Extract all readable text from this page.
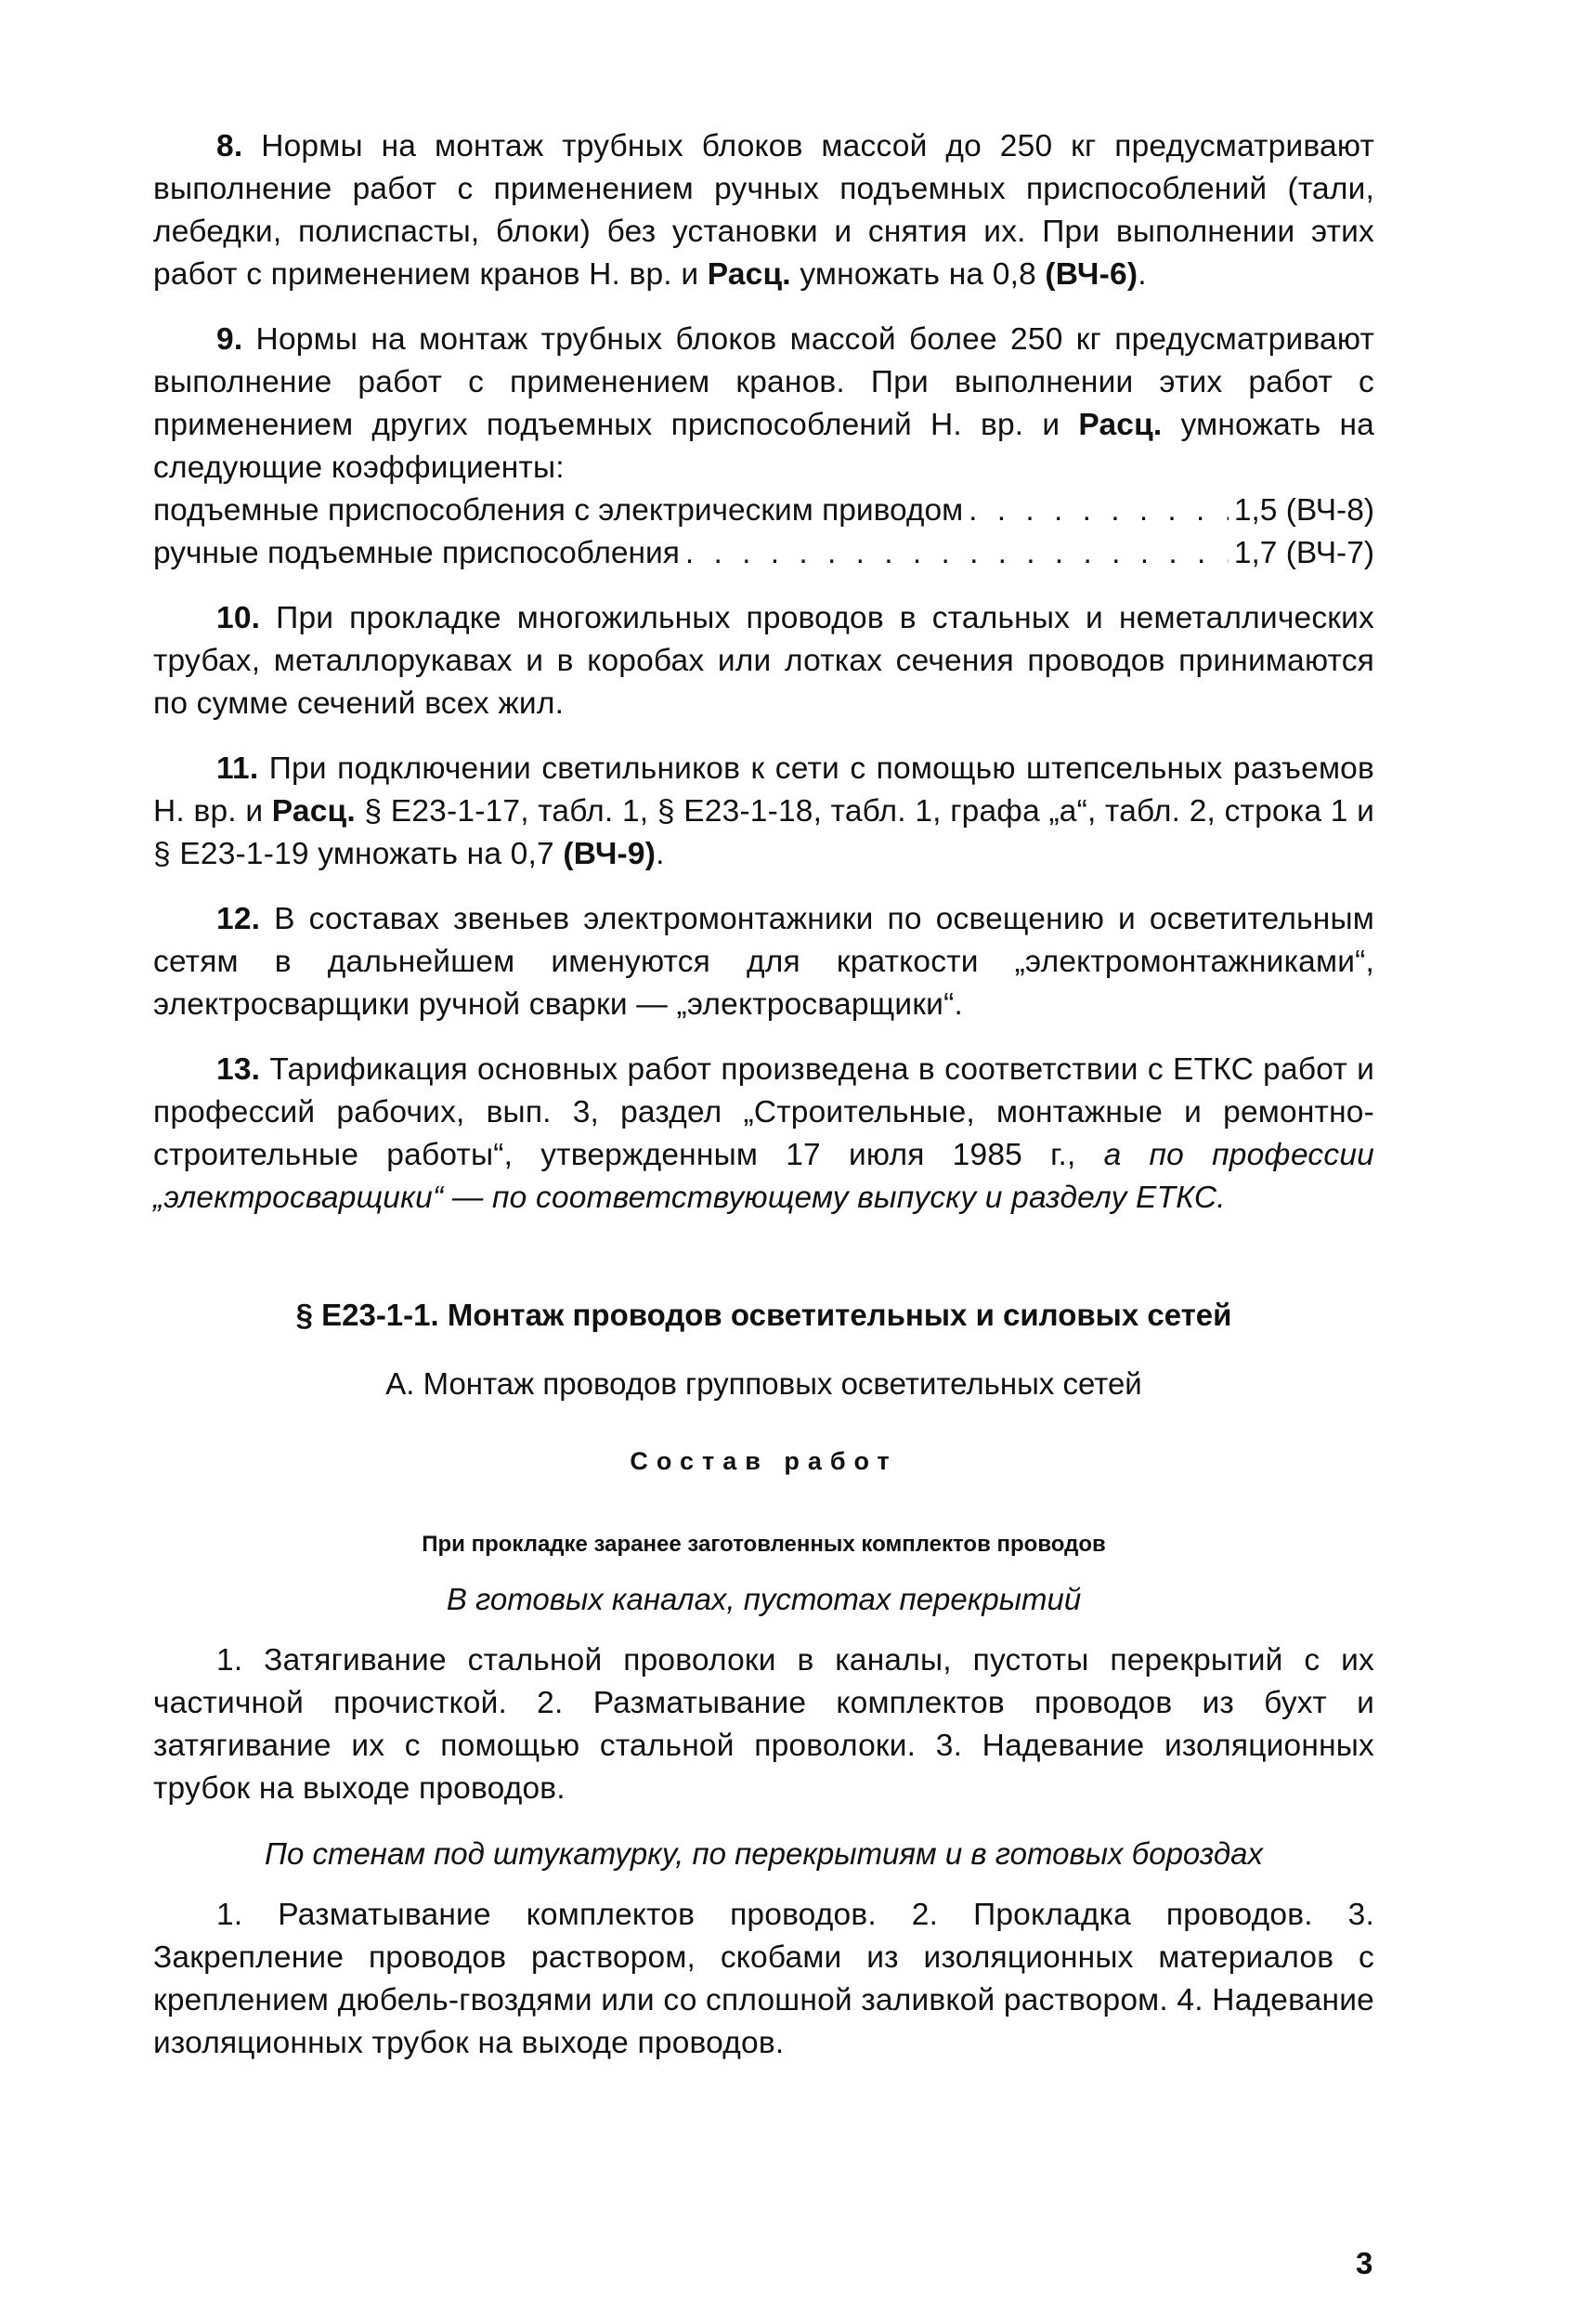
8. Нормы на монтаж трубных блоков массой до 250 кг предусматривают выполнение работ с применением ручных подъемных приспособлений (тали, лебедки, полиспасты, блоки) без установки и снятия их. При выполнении этих работ с применением кранов Н. вр. и Расц. умножать на 0,8 (ВЧ-6).

9. Нормы на монтаж трубных блоков массой более 250 кг предусматривают выполнение работ с применением кранов. При выполнении этих работ с применением других подъемных приспособлений Н. вр. и Расц. умножать на следующие коэффициенты:

подъемные приспособления с электрическим приводом . . .	1,5 (ВЧ-8)
ручные подъемные приспособления . . .	1,7 (ВЧ-7)

10. При прокладке многожильных проводов в стальных и неметаллических трубах, металлорукавах и в коробах или лотках сечения проводов принимаются по сумме сечений всех жил.

11. При подключении светильников к сети с помощью штепсельных разъемов Н. вр. и Расц. § Е23-1-17, табл. 1, § Е23-1-18, табл. 1, графа „а“, табл. 2, строка 1 и § Е23-1-19 умножать на 0,7 (ВЧ-9).

12. В составах звеньев электромонтажники по освещению и осветительным сетям в дальнейшем именуются для краткости „электромонтажниками“, электросварщики ручной сварки — „электросварщики“.

13. Тарификация основных работ произведена в соответствии с ЕТКС работ и профессий рабочих, вып. 3, раздел „Строительные, монтажные и ремонтно-строительные работы“, утвержденным 17 июля 1985 г., а по профессии „электросварщики“ — по соответствующему выпуску и разделу ЕТКС.

§ Е23-1-1. Монтаж проводов осветительных и силовых сетей
А. Монтаж проводов групповых осветительных сетей
Состав работ
При прокладке заранее заготовленных комплектов проводов
В готовых каналах, пустотах перекрытий

1. Затягивание стальной проволоки в каналы, пустоты перекрытий с их частичной прочисткой. 2. Разматывание комплектов проводов из бухт и затягивание их с помощью стальной проволоки. 3. Надевание изоляционных трубок на выходе проводов.

По стенам под штукатурку, по перекрытиям и в готовых бороздах

1. Разматывание комплектов проводов. 2. Прокладка проводов. 3. Закрепление проводов раствором, скобами из изоляционных материалов с креплением дюбель-гвоздями или со сплошной заливкой раствором. 4. Надевание изоляционных трубок на выходе проводов.

3
